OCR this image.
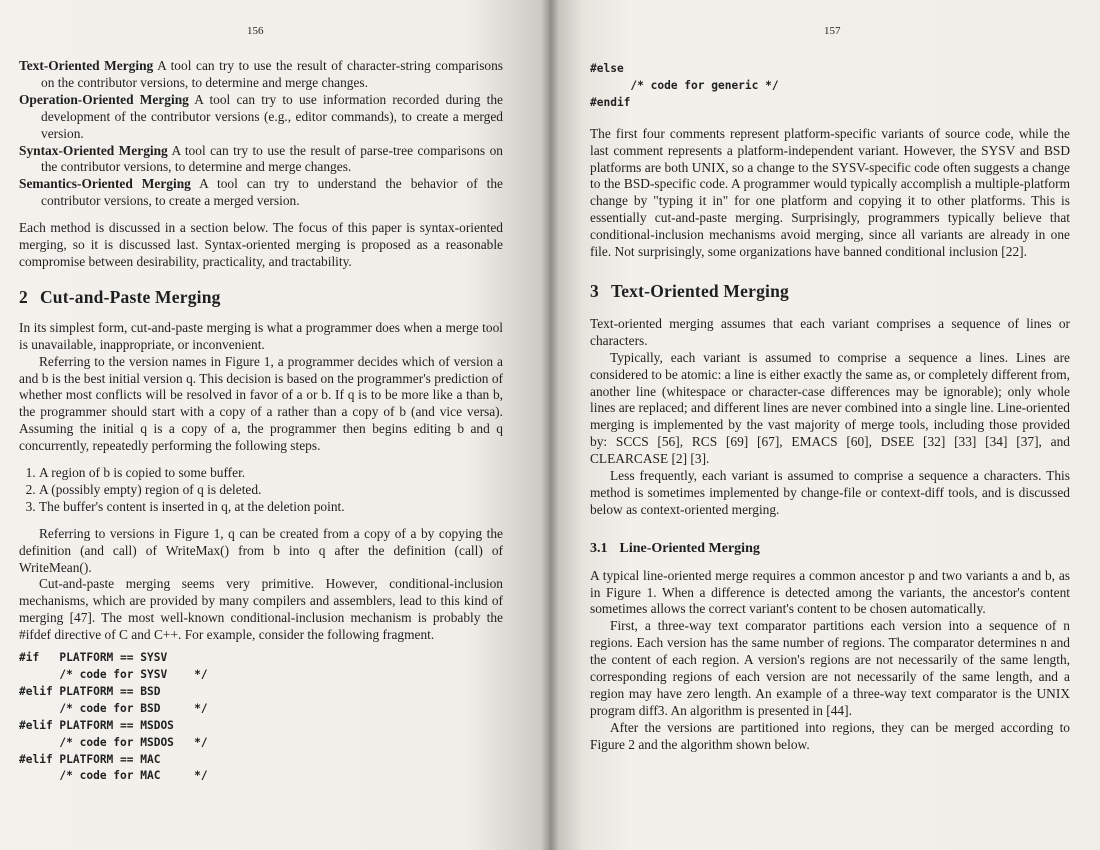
156

Text-Oriented Merging A tool can try to use the result of character-string comparisons on the contributor versions, to determine and merge changes.

Operation-Oriented Merging A tool can try to use information recorded during the development of the contributor versions (e.g., editor commands), to create a merged version.

Syntax-Oriented Merging A tool can try to use the result of parse-tree comparisons on the contributor versions, to determine and merge changes.

Semantics-Oriented Merging A tool can try to understand the behavior of the contributor versions, to create a merged version.

Each method is discussed in a section below. The focus of this paper is syntax-oriented merging, so it is discussed last. Syntax-oriented merging is proposed as a reasonable compromise between desirability, practicality, and tractability.

2 Cut-and-Paste Merging

In its simplest form, cut-and-paste merging is what a programmer does when a merge tool is unavailable, inappropriate, or inconvenient.

Referring to the version names in Figure 1, a programmer decides which of version a and b is the best initial version q. This decision is based on the programmer's prediction of whether most conflicts will be resolved in favor of a or b. If q is to be more like a than b, the programmer should start with a copy of a rather than a copy of b (and vice versa). Assuming the initial q is a copy of a, the programmer then begins editing b and q concurrently, repeatedly performing the following steps.

1. A region of b is copied to some buffer.
2. A (possibly empty) region of q is deleted.
3. The buffer's content is inserted in q, at the deletion point.

Referring to versions in Figure 1, q can be created from a copy of a by copying the definition (and call) of WriteMax() from b into q after the definition (call) of WriteMean().

Cut-and-paste merging seems very primitive. However, conditional-inclusion mechanisms, which are provided by many compilers and assemblers, lead to this kind of merging [47]. The most well-known conditional-inclusion mechanism is probably the #ifdef directive of C and C++. For example, consider the following fragment.

#if   PLATFORM == SYSV
/* code for SYSV    */
#elif PLATFORM == BSD
/* code for BSD     */
#elif PLATFORM == MSDOS
/* code for MSDOS   */
#elif PLATFORM == MAC
/* code for MAC     */
157
#else
/* code for generic */
#endif

The first four comments represent platform-specific variants of source code, while the last comment represents a platform-independent variant. However, the SYSV and BSD platforms are both UNIX, so a change to the SYSV-specific code often suggests a change to the BSD-specific code. A programmer would typically accomplish a multiple-platform change by "typing it in" for one platform and copying it to other platforms. This is essentially cut-and-paste merging. Surprisingly, programmers typically believe that conditional-inclusion mechanisms avoid merging, since all variants are already in one file. Not surprisingly, some organizations have banned conditional inclusion [22].

3 Text-Oriented Merging

Text-oriented merging assumes that each variant comprises a sequence of lines or characters.

Typically, each variant is assumed to comprise a sequence a lines. Lines are considered to be atomic: a line is either exactly the same as, or completely different from, another line (whitespace or character-case differences may be ignorable); only whole lines are replaced; and different lines are never combined into a single line. Line-oriented merging is implemented by the vast majority of merge tools, including those provided by: SCCS [56], RCS [69] [67], EMACS [60], DSEE [32] [33] [34] [37], and CLEARCASE [2] [3].

Less frequently, each variant is assumed to comprise a sequence a characters. This method is sometimes implemented by change-file or context-diff tools, and is discussed below as context-oriented merging.

3.1 Line-Oriented Merging

A typical line-oriented merge requires a common ancestor p and two variants a and b, as in Figure 1. When a difference is detected among the variants, the ancestor's content sometimes allows the correct variant's content to be chosen automatically.

First, a three-way text comparator partitions each version into a sequence of n regions. Each version has the same number of regions. The comparator determines n and the content of each region. A version's regions are not necessarily of the same length, corresponding regions of each version are not necessarily of the same length, and a region may have zero length. An example of a three-way text comparator is the UNIX program diff3. An algorithm is presented in [44].

After the versions are partitioned into regions, they can be merged according to Figure 2 and the algorithm shown below.
